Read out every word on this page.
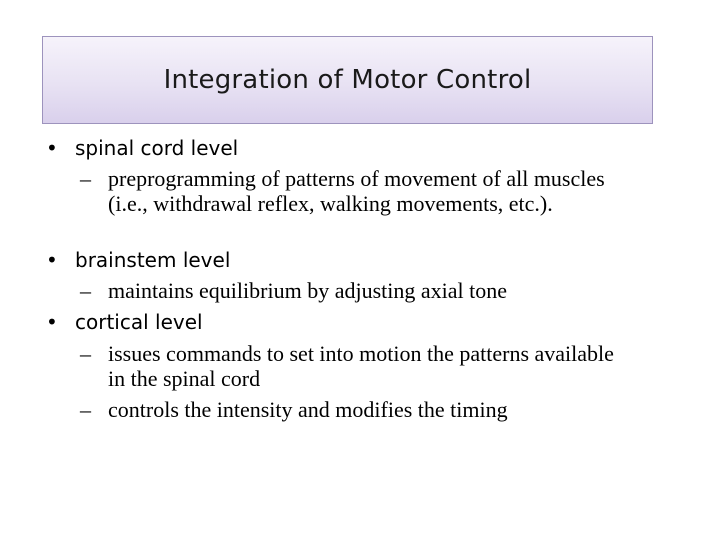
Integration of Motor Control
• spinal cord level
– preprogramming of patterns of movement of all muscles (i.e., withdrawal reflex, walking movements, etc.).
• brainstem level
– maintains equilibrium by adjusting axial tone
• cortical level
– issues commands to set into motion the patterns available in the spinal cord
– controls the intensity and modifies the timing
